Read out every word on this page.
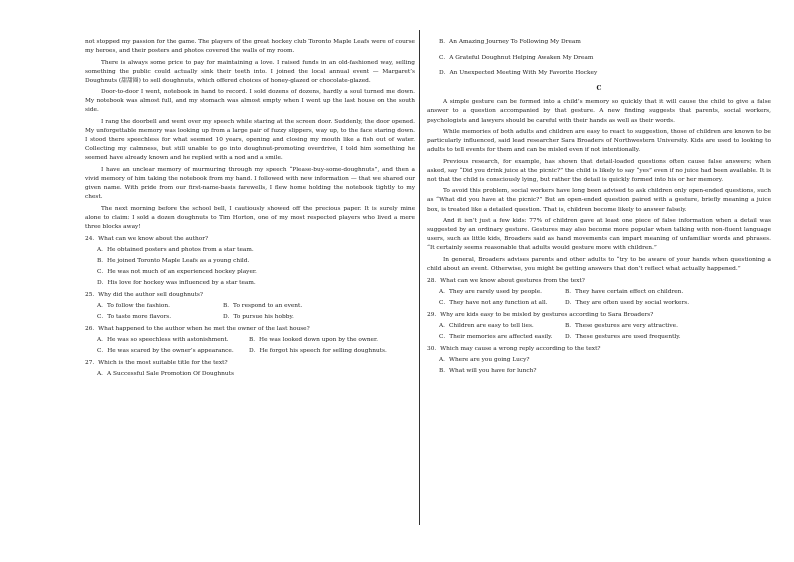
not stopped my passion for the game. The players of the great hockey club Toronto Maple Leafs were of course my heroes, and their posters and photos covered the walls of my room.

There is always some price to pay for maintaining a love. I raised funds in an old-fashioned way, selling something the public could actually sink their teeth into. I joined the local annual event — Margaret’s Doughnuts (甜甜圈) to sell doughnuts, which offered choices of honey-glazed or chocolate-glazed.

Door-to-door I went, notebook in hand to record. I sold dozens of dozens, hardly a soul turned me down. My notebook was almost full, and my stomach was almost empty when I went up the last house on the south side.

I rang the doorbell and went over my speech while staring at the screen door. Suddenly, the door opened. My unforgettable memory was looking up from a large pair of fuzzy slippers, way up, to the face staring down. I stood there speechless for what seemed 10 years, opening and closing my mouth like a fish out of water. Collecting my calmness, but still unable to go into doughnut-promoting overdrive, I told him something he seemed have already known and he replied with a nod and a smile.

I have an unclear memory of murmuring through my speech “Please-buy-some-doughnuts”, and then a vivid memory of him taking the notebook from my hand. I followed with new information — that we shared our given name. With pride from our first-name-basis farewells, I flew home holding the notebook tightly to my chest.

The next morning before the school bell, I cautiously showed off the precious paper. It is surely mine alone to claim: I sold a dozen doughnuts to Tim Horton, one of my most respected players who lived a mere three blocks away!

24．What can we know about the author?

A．He obtained posters and photos from a star team.

B．He joined Toronto Maple Leafs as a young child.

C．He was not much of an experienced hockey player.

D．His love for hockey was influenced by a star team.

25．Why did the author sell doughnuts?

A．To follow the fashion.	B．To respond to an event.
C．To taste more flavors.	D．To pursue his hobby.

26．What happened to the author when he met the owner of the last house?

A．He was so speechless with astonishment.	B．He was looked down upon by the owner.
C．He was scared by the owner’s appearance.	D．He forgot his speech for selling doughnuts.

27．Which is the most suitable title for the text?

A．A Successful Sale Promotion Of Doughnuts

B．An Amazing Journey To Following My Dream

C．A Grateful Doughnut Helping Awaken My Dream

D．An Unexpected Meeting With My Favorite Hockey

C

A simple gesture can be formed into a child’s memory so quickly that it will cause the child to give a false answer to a question accompanied by that gesture. A new finding suggests that parents, social workers, psychologists and lawyers should be careful with their hands as well as their words.

While memories of both adults and children are easy to react to suggestion, those of children are known to be particularly influenced, said lead researcher Sara Broaders of Northwestern University. Kids are used to looking to adults to tell events for them and can be misled even if not intentionally.

Previous research, for example, has shown that detail-loaded questions often cause false answers; when asked, say “Did you drink juice at the picnic?” the child is likely to say “yes” even if no juice had been available. It is not that the child is consciously lying, but rather the detail is quickly formed into his or her memory.

To avoid this problem, social workers have long been advised to ask children only open-ended questions, such as “What did you have at the picnic?” But an open-ended question paired with a gesture, briefly meaning a juice box, is treated like a detailed question. That is, children become likely to answer falsely.

And it isn’t just a few kids: 77% of children gave at least one piece of false information when a detail was suggested by an ordinary gesture. Gestures may also become more popular when talking with non-fluent language users, such as little kids, Broaders said as hand movements can impart meaning of unfamiliar words and phrases. “It certainly seems reasonable that adults would gesture more with children.”

In general, Broaders advises parents and other adults to “try to be aware of your hands when questioning a child about an event. Otherwise, you might be getting answers that don’t reflect what actually happened.”

28．What can we know about gestures from the text?

A．They are rarely used by people.	B．They have certain effect on children.
C．They have not any function at all.	D．They are often used by social workers.

29．Why are kids easy to be misled by gestures according to Sara Broaders?

A．Children are easy to tell lies.	B．These gestures are very attractive.
C．Their memories are affected easily.	D．These gestures are used frequently.

30．Which may cause a wrong reply according to the text?

A．Where are you going Lucy?

B．What will you have for lunch?
